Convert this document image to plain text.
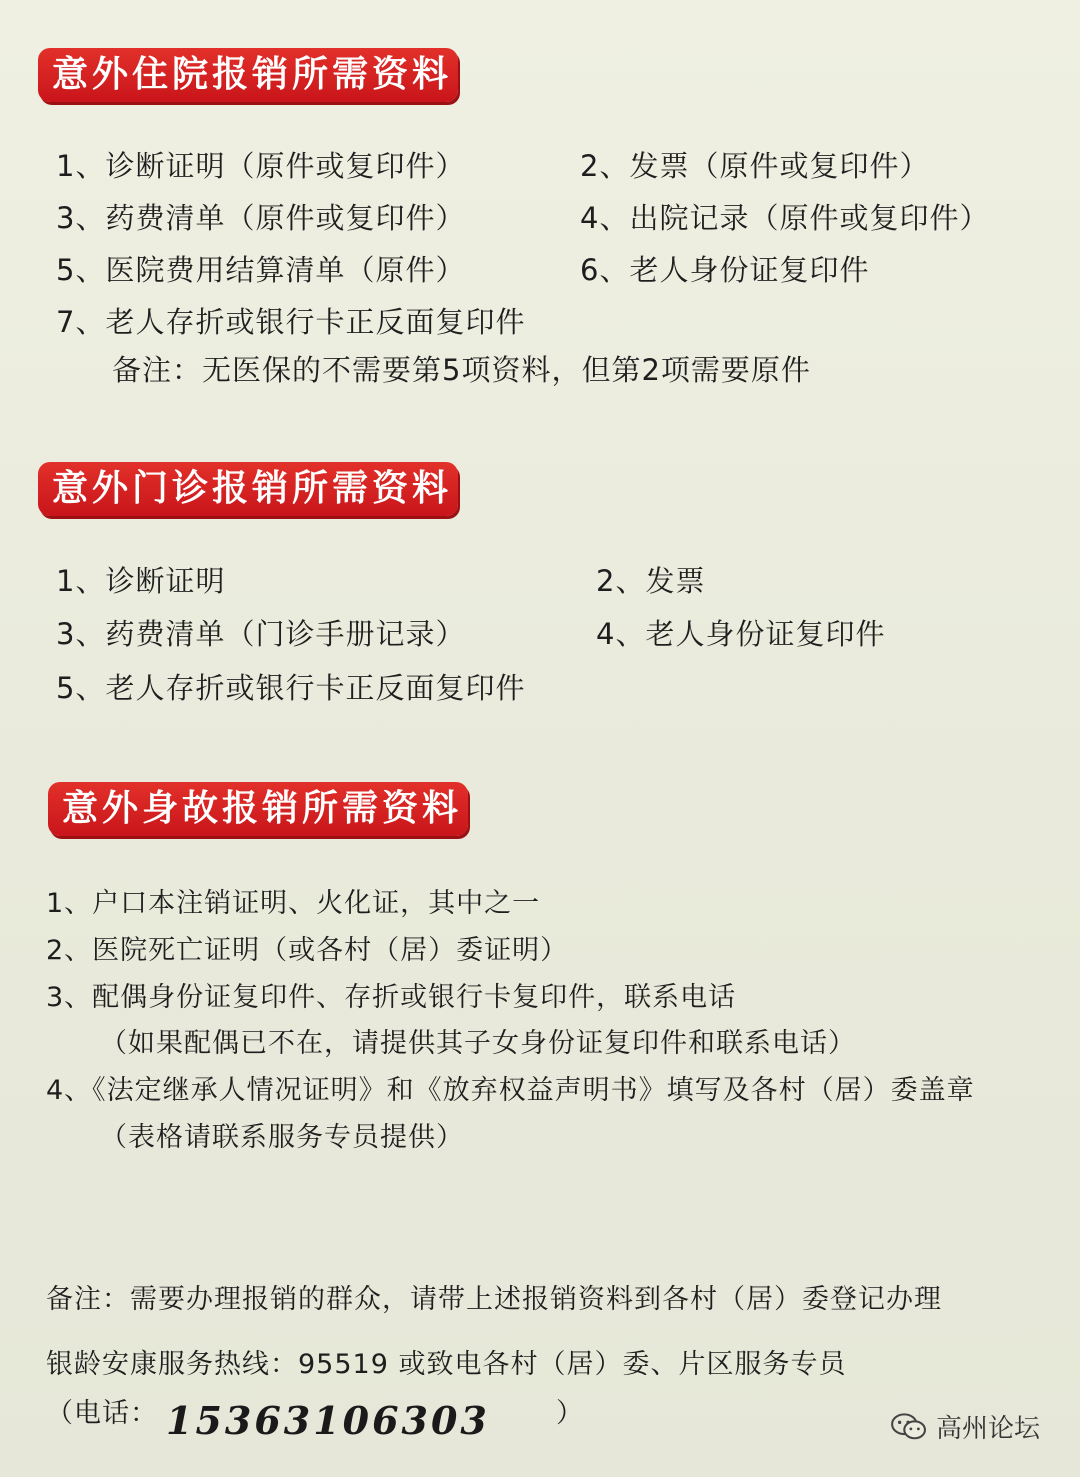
意外住院报销所需资料
1、诊断证明（原件或复印件）	2、发票（原件或复印件）
3、药费清单（原件或复印件）	4、出院记录（原件或复印件）
5、医院费用结算清单（原件）	6、老人身份证复印件
7、老人存折或银行卡正反面复印件
备注：无医保的不需要第5项资料，但第2项需要原件
意外门诊报销所需资料
1、诊断证明	2、发票
3、药费清单（门诊手册记录）	4、老人身份证复印件
5、老人存折或银行卡正反面复印件
意外身故报销所需资料
1、户口本注销证明、火化证，其中之一
2、医院死亡证明（或各村（居）委证明）
3、配偶身份证复印件、存折或银行卡复印件，联系电话
（如果配偶已不在，请提供其子女身份证复印件和联系电话）
4、《法定继承人情况证明》和《放弃权益声明书》填写及各村（居）委盖章
（表格请联系服务专员提供）
备注：需要办理报销的群众，请带上述报销资料到各村（居）委登记办理
银龄安康服务热线：95519 或致电各村（居）委、片区服务专员
（电话： 15363106303 ）	高州论坛
